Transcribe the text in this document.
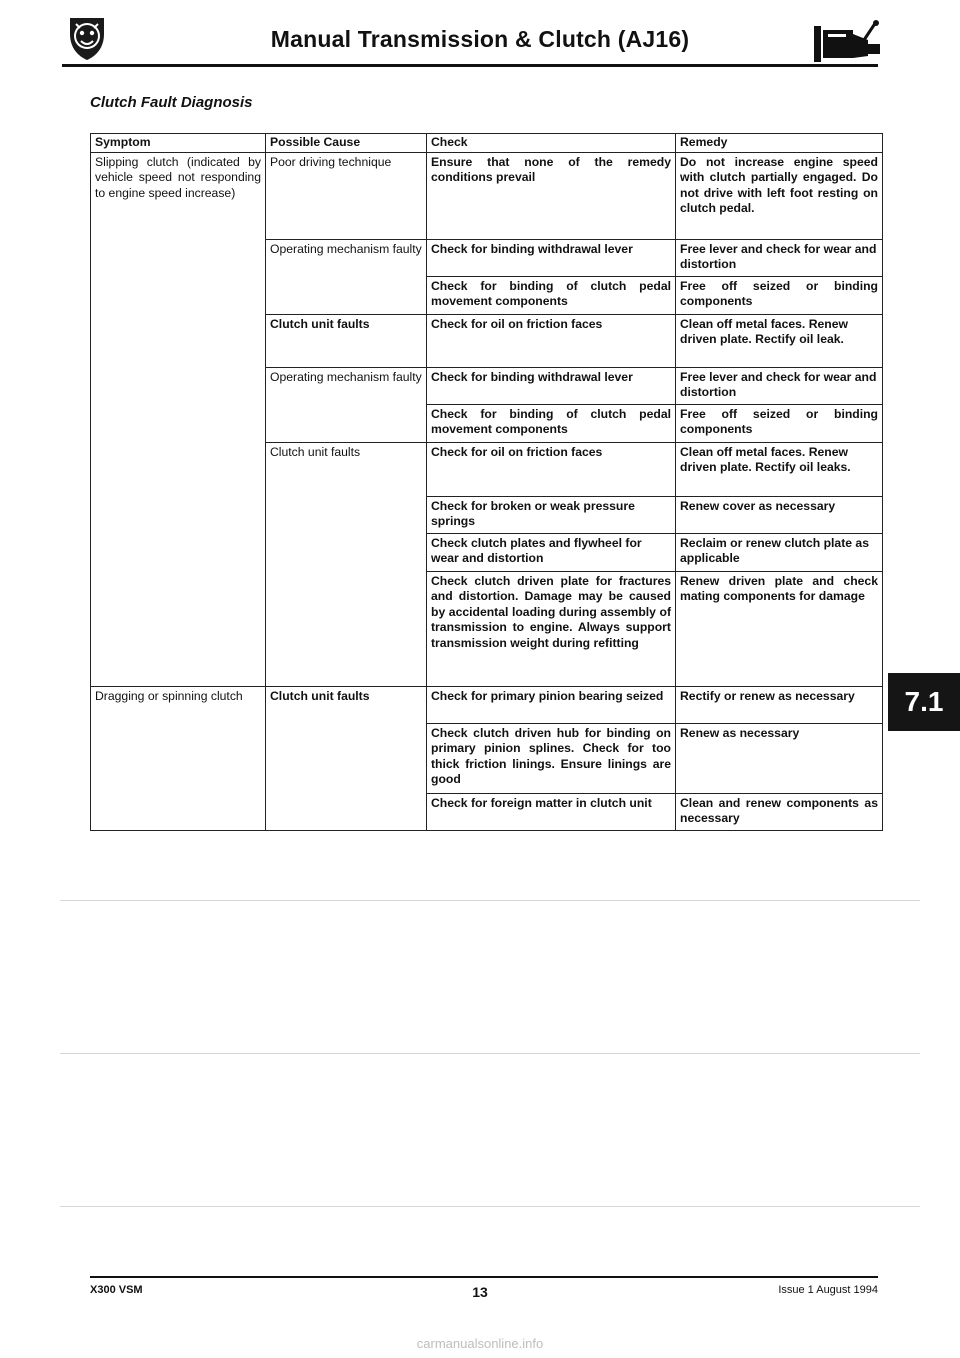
Manual Transmission & Clutch (AJ16)
Clutch Fault Diagnosis
Symptom	Possible Cause	Check	Remedy
Slipping clutch (indicated by vehicle speed not responding to engine speed increase)	Poor driving technique	Ensure that none of the remedy conditions prevail	Do not increase engine speed with clutch partially engaged. Do not drive with left foot resting on clutch pedal.
	Operating mechanism faulty	Check for binding withdrawal lever	Free lever and check for wear and distortion
		Check for binding of clutch pedal movement components	Free off seized or binding components
	Clutch unit faults	Check for oil on friction faces	Clean off metal faces. Renew driven plate. Rectify oil leak.
	Operating mechanism faulty	Check for binding withdrawal lever	Free lever and check for wear and distortion
		Check for binding of clutch pedal movement components	Free off seized or binding components
	Clutch unit faults	Check for oil on friction faces	Clean off metal faces. Renew driven plate. Rectify oil leaks.
		Check for broken or weak pressure springs	Renew cover as necessary
		Check clutch plates and flywheel for wear and distortion	Reclaim or renew clutch plate as applicable
		Check clutch driven plate for fractures and distortion. Damage may be caused by accidental loading during assembly of transmission to engine. Always support transmission weight during refitting	Renew driven plate and check mating components for damage
Dragging or spinning clutch	Clutch unit faults	Check for primary pinion bearing seized	Rectify or renew as necessary
		Check clutch driven hub for binding on primary pinion splines. Check for too thick friction linings. Ensure linings are good	Renew as necessary
		Check for foreign matter in clutch unit	Clean and renew components as necessary
7.1
X300 VSM	13	Issue 1 August 1994
carmanualsonline.info
